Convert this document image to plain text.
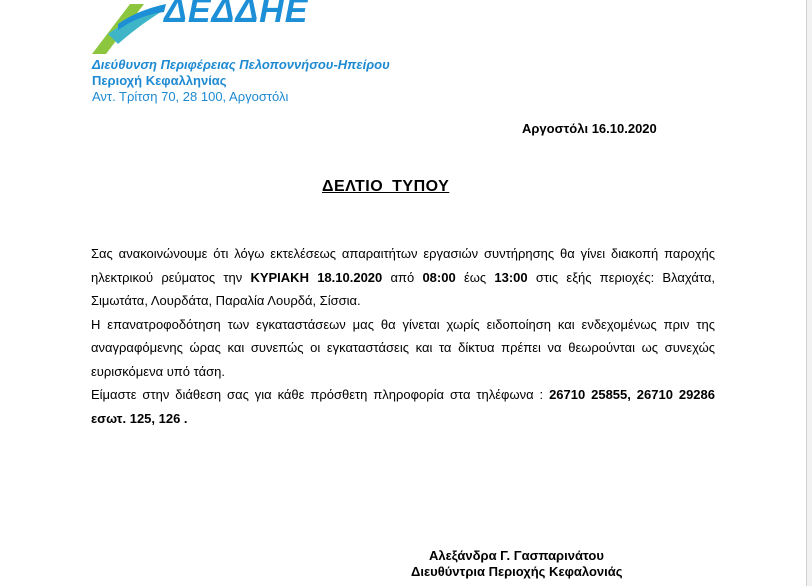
ΔΕΔΔΗΕ
Διεύθυνση Περιφέρειας Πελοποννήσου-Ηπείρου
Περιοχή Κεφαλληνίας
Αντ. Τρίτση 70, 28 100, Αργοστόλι
Αργοστόλι 16.10.2020
ΔΕΛΤΙΟ ΤΥΠΟΥ

Σας ανακοινώνουμε ότι λόγω εκτελέσεως απαραιτήτων εργασιών συντήρησης θα γίνει διακοπή παροχής ηλεκτρικού ρεύματος την ΚΥΡΙΑΚΗ 18.10.2020 από 08:00 έως 13:00 στις εξής περιοχές: Βλαχάτα, Σιμωτάτα, Λουρδάτα, Παραλία Λουρδά, Σίσσια.

Η επανατροφοδότηση των εγκαταστάσεων μας θα γίνεται χωρίς ειδοποίηση και ενδεχομένως πριν της αναγραφόμενης ώρας και συνεπώς οι εγκαταστάσεις και τα δίκτυα πρέπει να θεωρούνται ως συνεχώς ευρισκόμενα υπό τάση.

Είμαστε στην διάθεση σας για κάθε πρόσθετη πληροφορία στα τηλέφωνα : 26710 25855, 26710 29286 εσωτ. 125, 126 .

Αλεξάνδρα Γ. Γασπαρινάτου
Διευθύντρια Περιοχής Κεφαλονιάς
